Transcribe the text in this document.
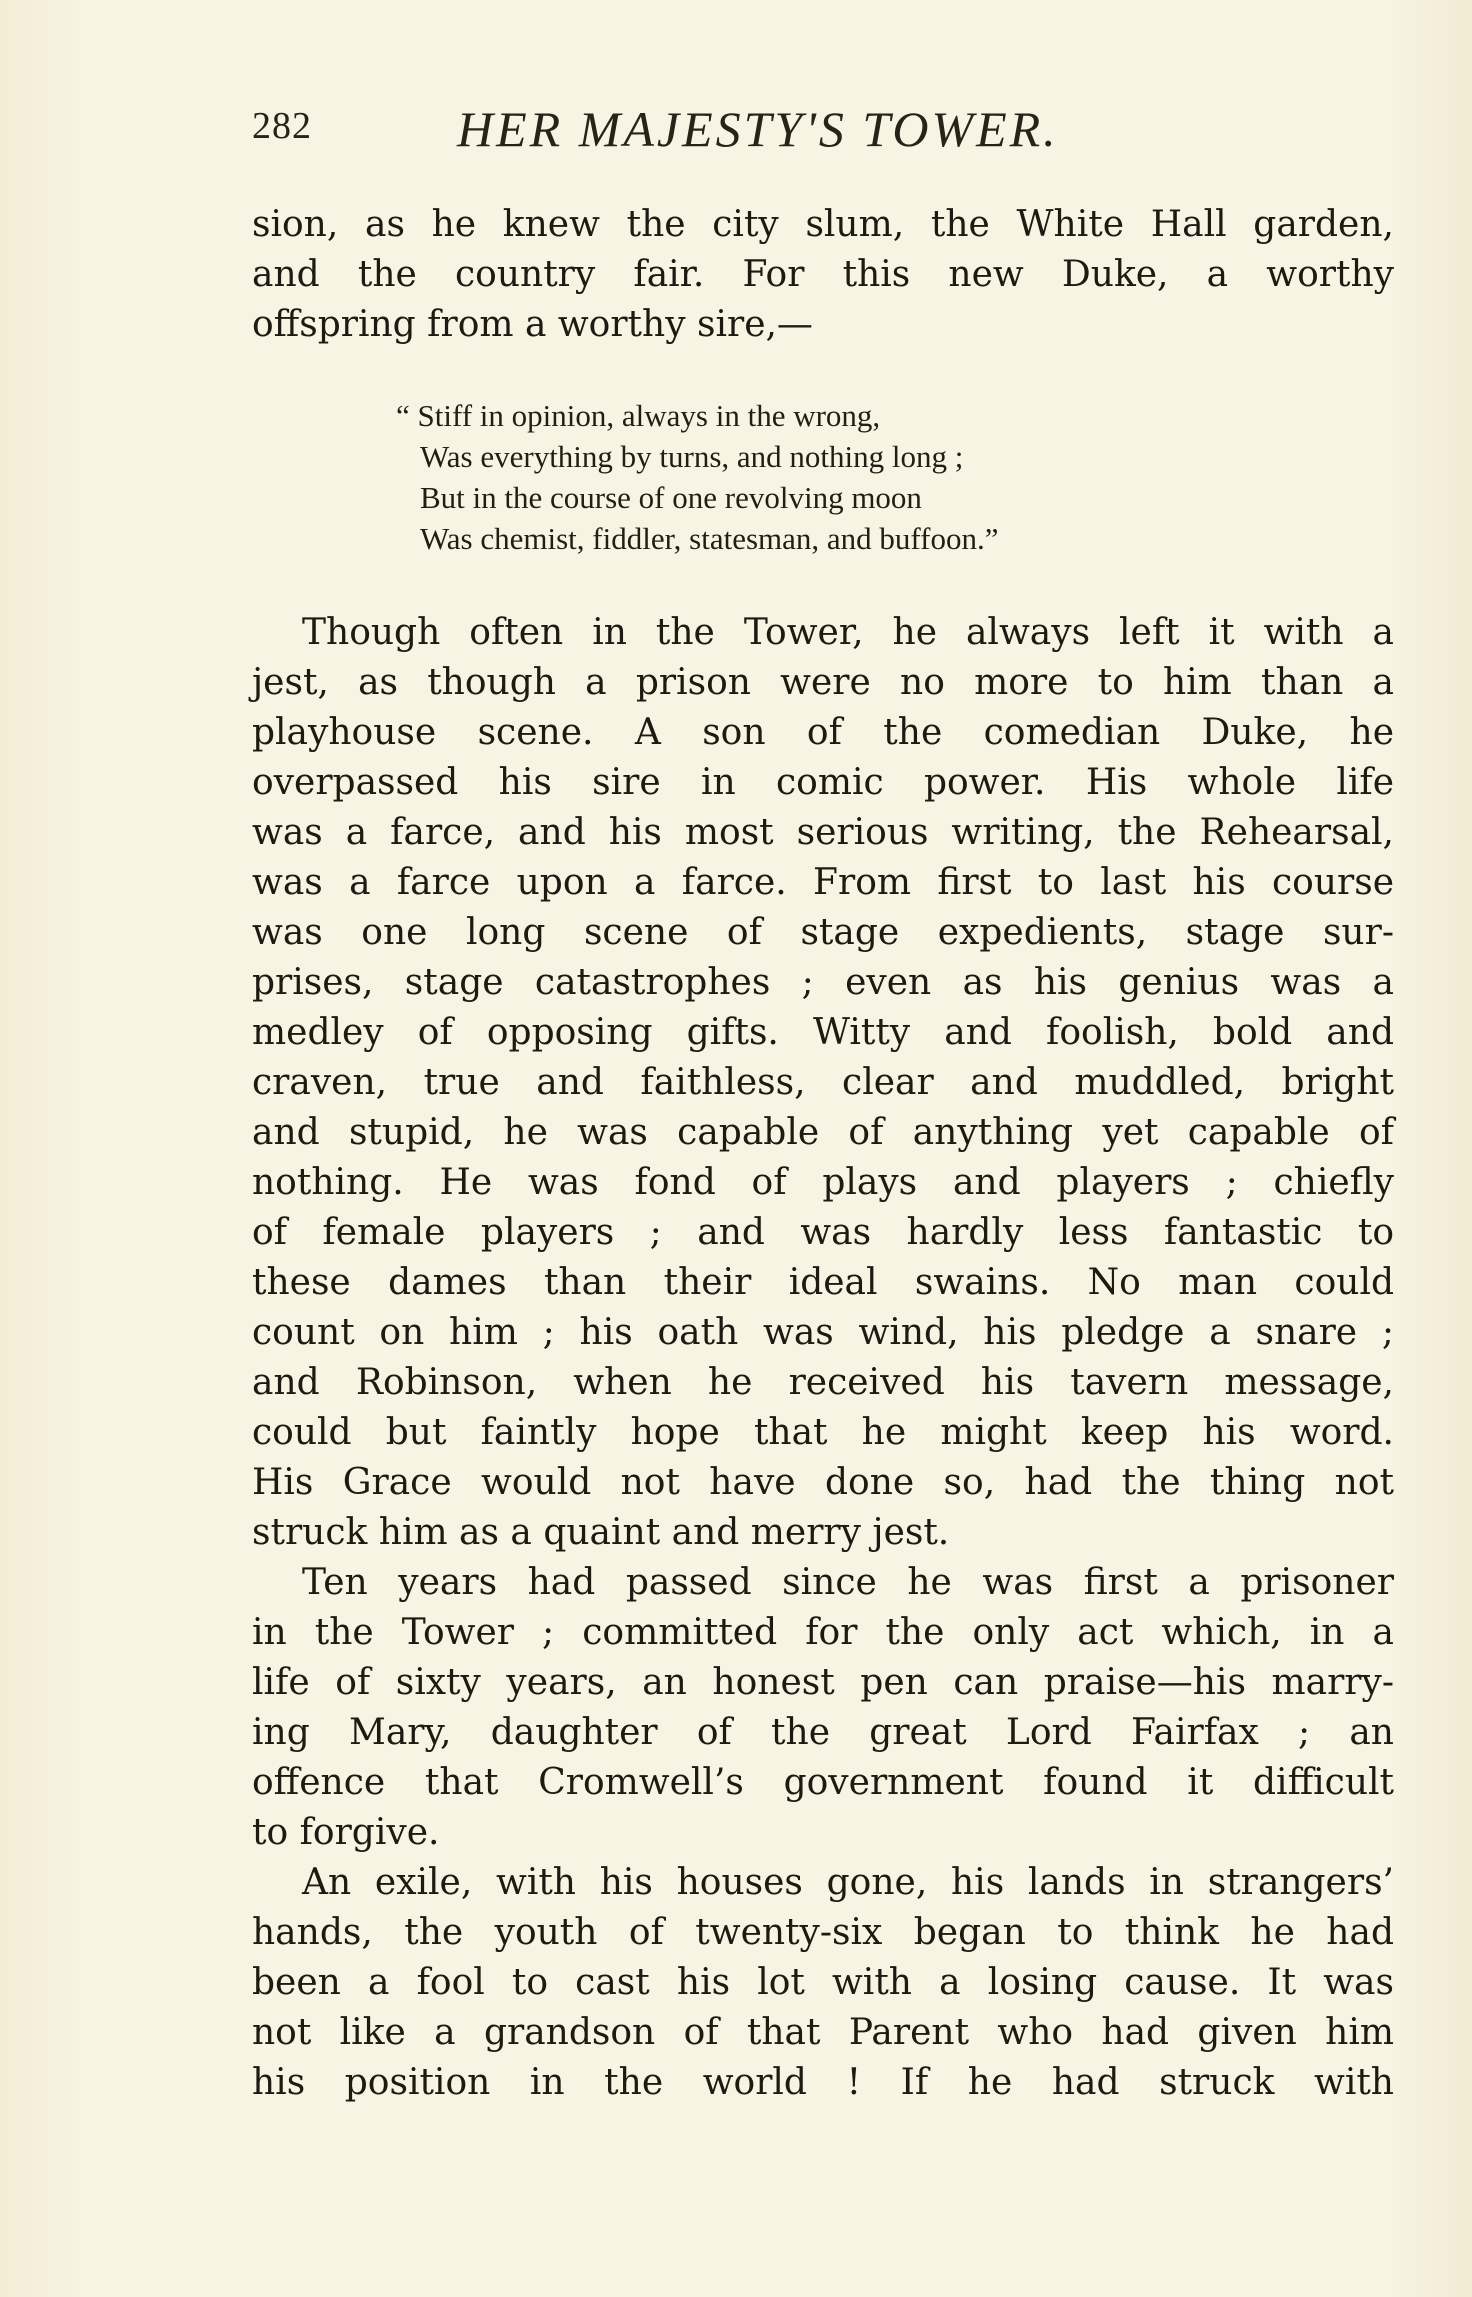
282	HER MAJESTY'S TOWER.
sion, as he knew the city slum, the White Hall garden,
and the country fair. For this new Duke, a worthy
offspring from a worthy sire,—
“ Stiff in opinion, always in the wrong,
Was everything by turns, and nothing long ;
But in the course of one revolving moon
Was chemist, fiddler, statesman, and buffoon.”
Though often in the Tower, he always left it with a
jest, as though a prison were no more to him than a
playhouse scene. A son of the comedian Duke, he
overpassed his sire in comic power. His whole life
was a farce, and his most serious writing, the Rehearsal,
was a farce upon a farce. From first to last his course
was one long scene of stage expedients, stage sur-
prises, stage catastrophes ; even as his genius was a
medley of opposing gifts. Witty and foolish, bold and
craven, true and faithless, clear and muddled, bright
and stupid, he was capable of anything yet capable of
nothing. He was fond of plays and players ; chiefly
of female players ; and was hardly less fantastic to
these dames than their ideal swains. No man could
count on him ; his oath was wind, his pledge a snare ;
and Robinson, when he received his tavern message,
could but faintly hope that he might keep his word.
His Grace would not have done so, had the thing not
struck him as a quaint and merry jest.
Ten years had passed since he was first a prisoner
in the Tower ; committed for the only act which, in a
life of sixty years, an honest pen can praise—his marry-
ing Mary, daughter of the great Lord Fairfax ; an
offence that Cromwell’s government found it difficult
to forgive.
An exile, with his houses gone, his lands in strangers’
hands, the youth of twenty-six began to think he had
been a fool to cast his lot with a losing cause. It was
not like a grandson of that Parent who had given him
his position in the world ! If he had struck with
